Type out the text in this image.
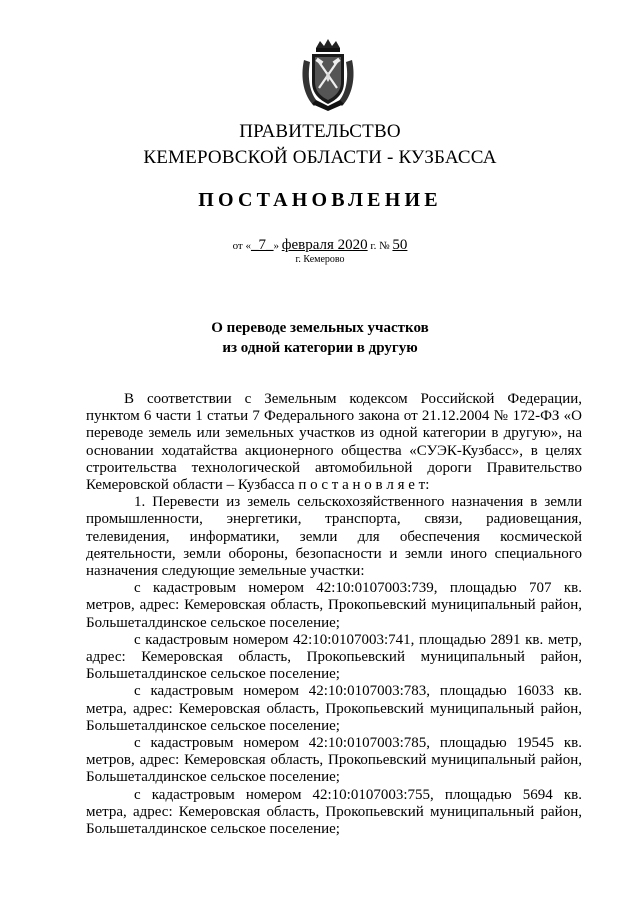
ПРАВИТЕЛЬСТВО
КЕМЕРОВСКОЙ ОБЛАСТИ - КУЗБАССА
ПОСТАНОВЛЕНИЕ
от «_7_» февраля 2020 г. № 50
г. Кемерово
О переводе земельных участков
из одной категории в другую

В соответствии с Земельным кодексом Российской Федерации, пунктом 6 части 1 статьи 7 Федерального закона от 21.12.2004 № 172-ФЗ «О переводе земель или земельных участков из одной категории в другую», на основании ходатайства акционерного общества «СУЭК-Кузбасс», в целях строительства технологической автомобильной дороги Правительство Кемеровской области – Кузбасса п о с т а н о в л я е т:

1. Перевести из земель сельскохозяйственного назначения в земли промышленности, энергетики, транспорта, связи, радиовещания, телевидения, информатики, земли для обеспечения космической деятельности, земли обороны, безопасности и земли иного специального назначения следующие земельные участки:

с кадастровым номером 42:10:0107003:739, площадью 707 кв. метров, адрес: Кемеровская область, Прокопьевский муниципальный район, Большеталдинское сельское поселение;

с кадастровым номером 42:10:0107003:741, площадью 2891 кв. метр, адрес: Кемеровская область, Прокопьевский муниципальный район, Большеталдинское сельское поселение;

с кадастровым номером 42:10:0107003:783, площадью 16033 кв. метра, адрес: Кемеровская область, Прокопьевский муниципальный район, Большеталдинское сельское поселение;

с кадастровым номером 42:10:0107003:785, площадью 19545 кв. метров, адрес: Кемеровская область, Прокопьевский муниципальный район, Большеталдинское сельское поселение;

с кадастровым номером 42:10:0107003:755, площадью 5694 кв. метра, адрес: Кемеровская область, Прокопьевский муниципальный район, Большеталдинское сельское поселение;
